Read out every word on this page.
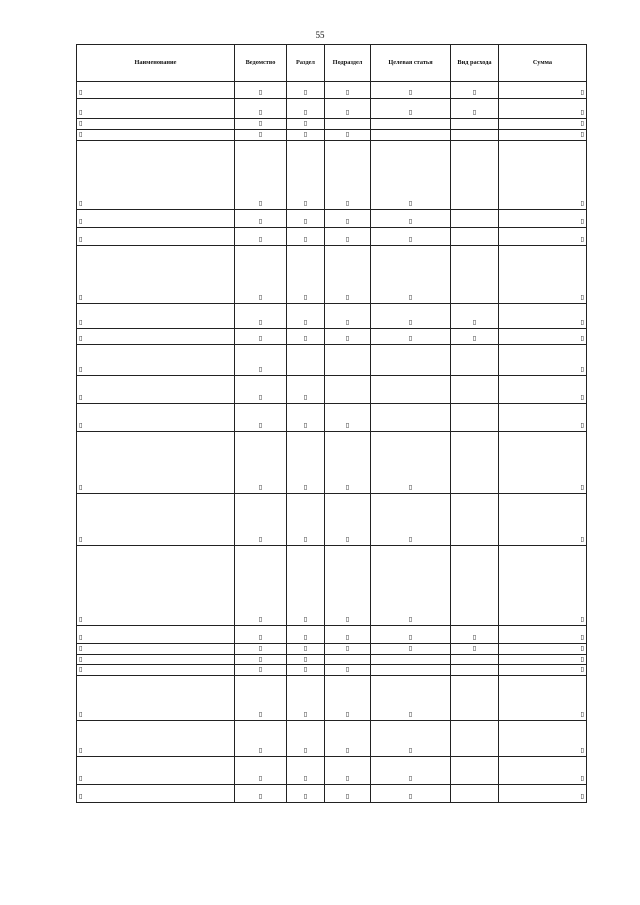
55
Наименование	Ведомство	Раздел	Подраздел	Целевая статья	Вид расхода	Сумма
▯	▯	▯	▯	▯	▯	▯
▯	▯	▯	▯	▯	▯	▯
▯	▯	▯				▯
▯	▯	▯	▯			▯
▯	▯	▯	▯	▯		▯
▯	▯	▯	▯	▯		▯
▯	▯	▯	▯	▯		▯
▯	▯	▯	▯	▯		▯
▯	▯	▯	▯	▯	▯	▯
▯	▯	▯	▯	▯	▯	▯
▯	▯					▯
▯	▯	▯				▯
▯	▯	▯	▯			▯
▯	▯	▯	▯	▯		▯
▯	▯	▯	▯	▯		▯
▯	▯	▯	▯	▯		▯
▯	▯	▯	▯	▯	▯	▯
▯	▯	▯	▯	▯	▯	▯
▯	▯	▯				▯
▯	▯	▯	▯			▯
▯	▯	▯	▯	▯		▯
▯	▯	▯	▯	▯		▯
▯	▯	▯	▯	▯		▯
▯	▯	▯	▯	▯		▯
